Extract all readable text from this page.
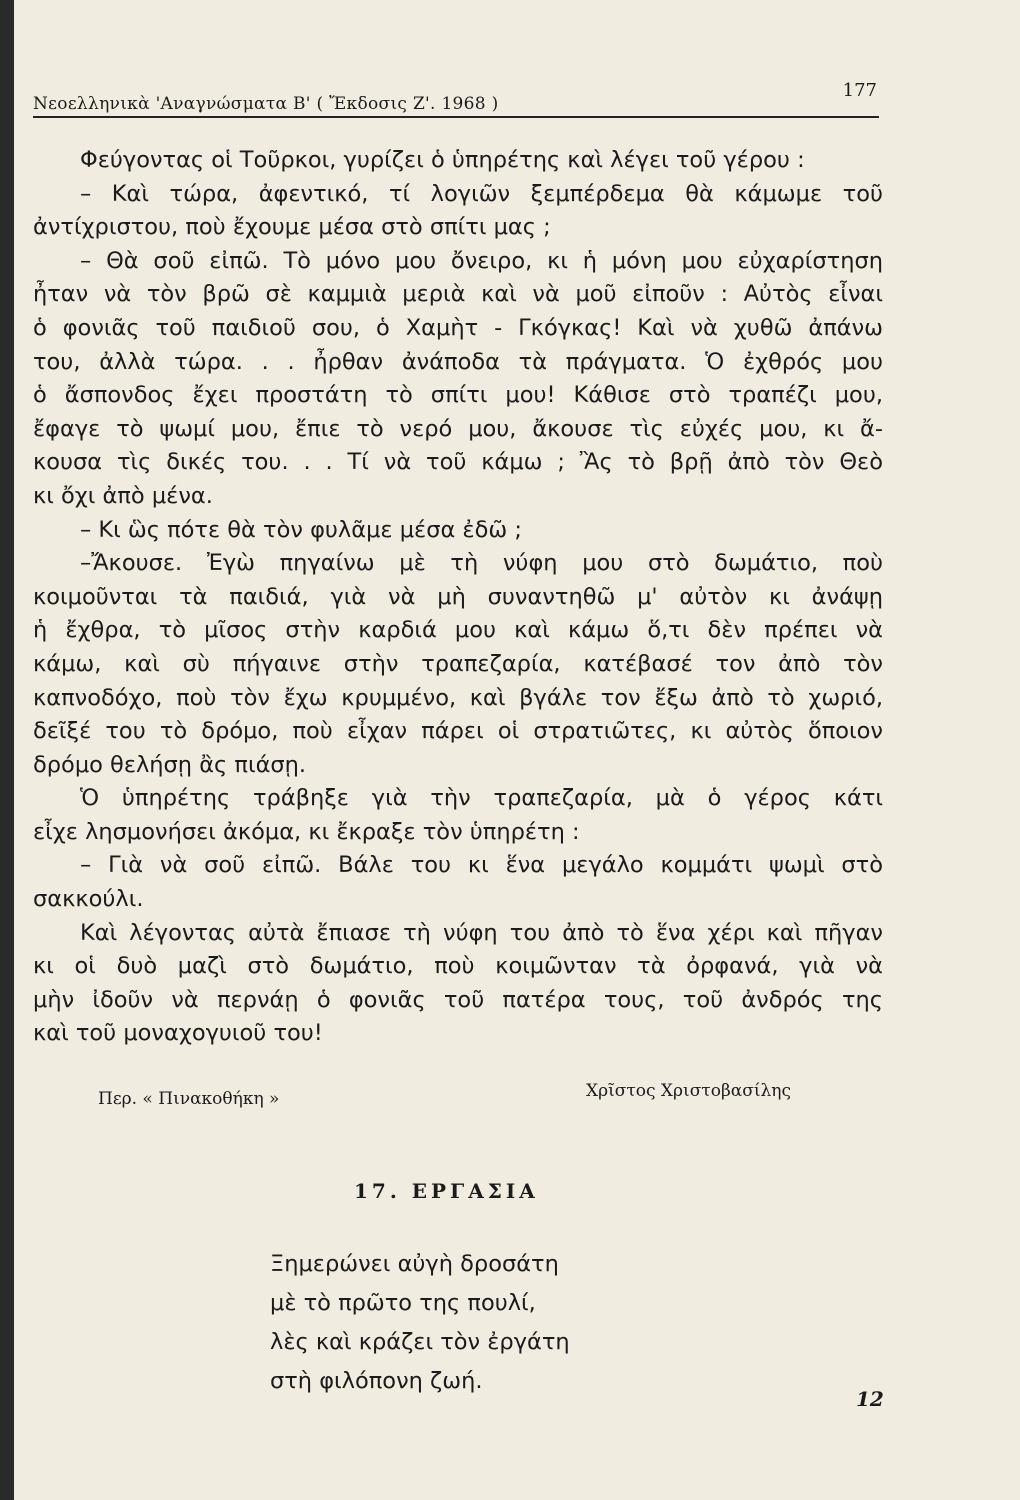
Νεοελληνικὰ 'Αναγνώσματα Β' ( Ἔκδοσις Ζ'. 1968 )
177
Φεύγοντας οἱ Τοῦρκοι, γυρίζει ὁ ὑπηρέτης καὶ λέγει τοῦ γέρου :
– Καὶ τώρα, ἀφεντικό, τί λογιῶν ξεμπέρδεμα θὰ κάμωμε τοῦ
ἀντίχριστου, ποὺ ἔχουμε μέσα στὸ σπίτι μας ;
– Θὰ σοῦ εἰπῶ. Τὸ μόνο μου ὄνειρο, κι ἡ μόνη μου εὐχαρίστηση
ἦταν νὰ τὸν βρῶ σὲ καμμιὰ μεριὰ καὶ νὰ μοῦ εἰποῦν : Αὐτὸς εἶναι
ὁ φονιᾶς τοῦ παιδιοῦ σου, ὁ Χαμὴτ - Γκόγκας! Καὶ νὰ χυθῶ ἀπάνω
του, ἀλλὰ τώρα. . . ἦρθαν ἀνάποδα τὰ πράγματα. Ὁ ἐχθρός μου
ὁ ἄσπονδος ἔχει προστάτη τὸ σπίτι μου! Κάθισε στὸ τραπέζι μου,
ἔφαγε τὸ ψωμί μου, ἔπιε τὸ νερό μου, ἄκουσε τὶς εὐχές μου, κι ἄ-
κουσα τὶς δικές του. . . Τί νὰ τοῦ κάμω ; Ἂς τὸ βρῇ ἀπὸ τὸν Θεὸ
κι ὄχι ἀπὸ μένα.
– Κι ὣς πότε θὰ τὸν φυλᾶμε μέσα ἐδῶ ;
–Ἄκουσε. Ἐγὼ πηγαίνω μὲ τὴ νύφη μου στὸ δωμάτιο, ποὺ
κοιμοῦνται τὰ παιδιά, γιὰ νὰ μὴ συναντηθῶ μ' αὐτὸν κι ἀνάψῃ
ἡ ἔχθρα, τὸ μῖσος στὴν καρδιά μου καὶ κάμω ὅ,τι δὲν πρέπει νὰ
κάμω, καὶ σὺ πήγαινε στὴν τραπεζαρία, κατέβασέ τον ἀπὸ τὸν
καπνοδόχο, ποὺ τὸν ἔχω κρυμμένο, καὶ βγάλε τον ἔξω ἀπὸ τὸ χωριό,
δεῖξέ του τὸ δρόμο, ποὺ εἶχαν πάρει οἱ στρατιῶτες, κι αὐτὸς ὅποιον
δρόμο θελήσῃ ἂς πιάσῃ.
Ὁ ὑπηρέτης τράβηξε γιὰ τὴν τραπεζαρία, μὰ ὁ γέρος κάτι
εἶχε λησμονήσει ἀκόμα, κι ἔκραξε τὸν ὑπηρέτη :
– Γιὰ νὰ σοῦ εἰπῶ. Βάλε του κι ἕνα μεγάλο κομμάτι ψωμὶ στὸ
σακκούλι.
Καὶ λέγοντας αὐτὰ ἔπιασε τὴ νύφη του ἀπὸ τὸ ἕνα χέρι καὶ πῆγαν
κι οἱ δυὸ μαζὶ στὸ δωμάτιο, ποὺ κοιμῶνταν τὰ ὀρφανά, γιὰ νὰ
μὴν ἰδοῦν νὰ περνάῃ ὁ φονιᾶς τοῦ πατέρα τους, τοῦ ἀνδρός της
καὶ τοῦ μοναχογυιοῦ του!
Περ. « Πινακοθήκη »	Χρῖστος Χριστοβασίλης
17. ΕΡΓΑΣΙΑ
Ξημερώνει αὐγὴ δροσάτη
μὲ τὸ πρῶτο της πουλί,
λὲς καὶ κράζει τὸν ἐργάτη
στὴ φιλόπονη ζωή.
12
